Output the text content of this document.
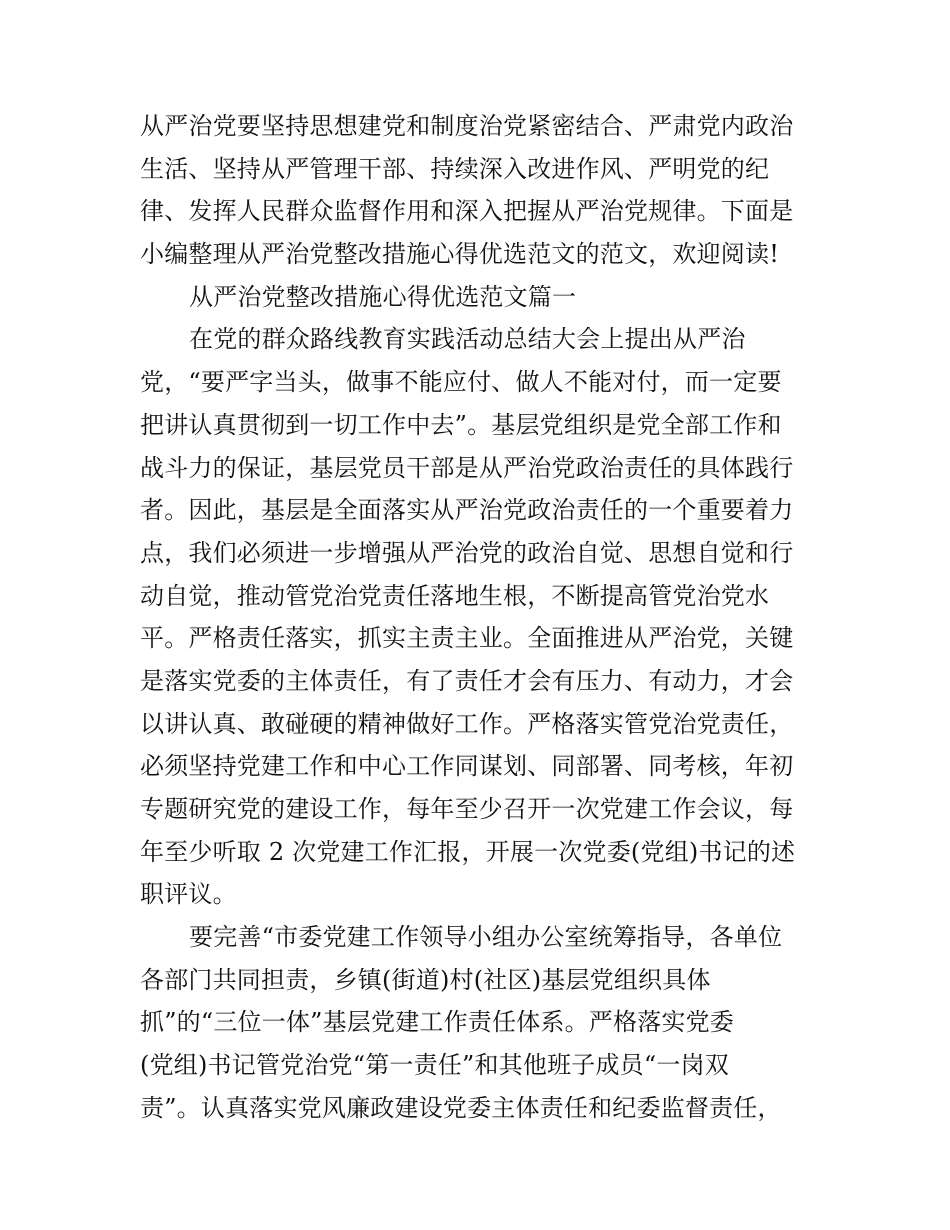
从严治党要坚持思想建党和制度治党紧密结合、严肃党内政治
生活、坚持从严管理干部、持续深入改进作风、严明党的纪
律、发挥人民群众监督作用和深入把握从严治党规律。下面是
小编整理从严治党整改措施心得优选范文的范文，欢迎阅读!
从严治党整改措施心得优选范文篇一
在党的群众路线教育实践活动总结大会上提出从严治
党，“要严字当头，做事不能应付、做人不能对付，而一定要
把讲认真贯彻到一切工作中去”。基层党组织是党全部工作和
战斗力的保证，基层党员干部是从严治党政治责任的具体践行
者。因此，基层是全面落实从严治党政治责任的一个重要着力
点，我们必须进一步增强从严治党的政治自觉、思想自觉和行
动自觉，推动管党治党责任落地生根，不断提高管党治党水
平。严格责任落实，抓实主责主业。全面推进从严治党，关键
是落实党委的主体责任，有了责任才会有压力、有动力，才会
以讲认真、敢碰硬的精神做好工作。严格落实管党治党责任，
必须坚持党建工作和中心工作同谋划、同部署、同考核，年初
专题研究党的建设工作，每年至少召开一次党建工作会议，每
年至少听取 2 次党建工作汇报，开展一次党委(党组)书记的述
职评议。
要完善“市委党建工作领导小组办公室统筹指导，各单位
各部门共同担责，乡镇(街道)村(社区)基层党组织具体
抓”的“三位一体”基层党建工作责任体系。严格落实党委
(党组)书记管党治党“第一责任”和其他班子成员“一岗双
责”。认真落实党风廉政建设党委主体责任和纪委监督责任，
